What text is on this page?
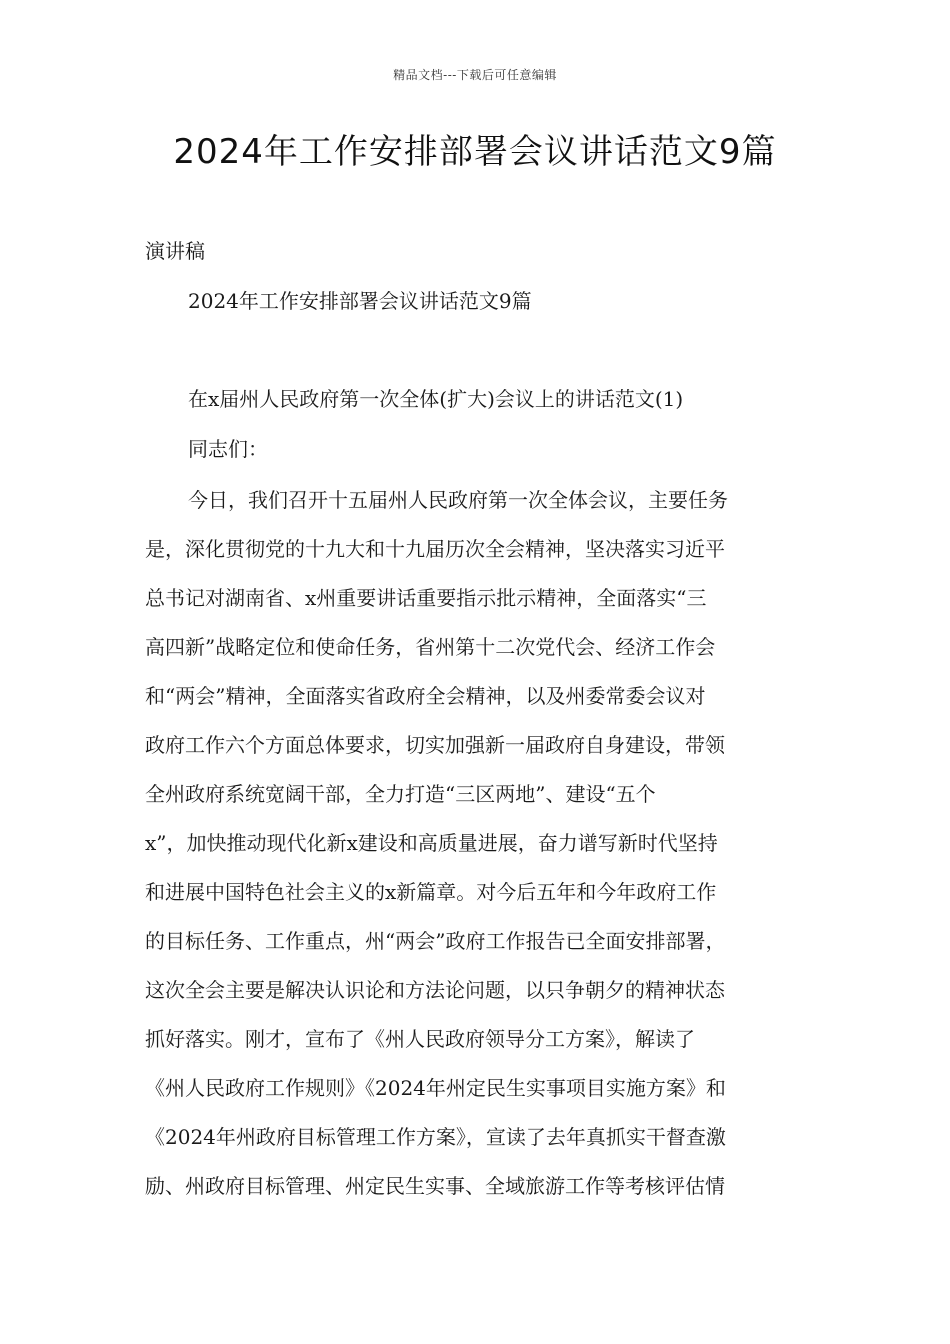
精品文档---下载后可任意编辑
2024年工作安排部署会议讲话范文9篇
演讲稿
2024年工作安排部署会议讲话范文9篇
在x届州人民政府第一次全体(扩大)会议上的讲话范文(1)
同志们：
今日，我们召开十五届州人民政府第一次全体会议，主要任务
是，深化贯彻党的十九大和十九届历次全会精神，坚决落实习近平
总书记对湖南省、x州重要讲话重要指示批示精神，全面落实“三
高四新”战略定位和使命任务，省州第十二次党代会、经济工作会
和“两会”精神，全面落实省政府全会精神，以及州委常委会议对
政府工作六个方面总体要求，切实加强新一届政府自身建设，带领
全州政府系统宽阔干部，全力打造“三区两地”、建设“五个
x”，加快推动现代化新x建设和高质量进展，奋力谱写新时代坚持
和进展中国特色社会主义的x新篇章。对今后五年和今年政府工作
的目标任务、工作重点，州“两会”政府工作报告已全面安排部署，
这次全会主要是解决认识论和方法论问题，以只争朝夕的精神状态
抓好落实。刚才，宣布了《州人民政府领导分工方案》，解读了
《州人民政府工作规则》《2024年州定民生实事项目实施方案》和
《2024年州政府目标管理工作方案》，宣读了去年真抓实干督查激
励、州政府目标管理、州定民生实事、全域旅游工作等考核评估情
